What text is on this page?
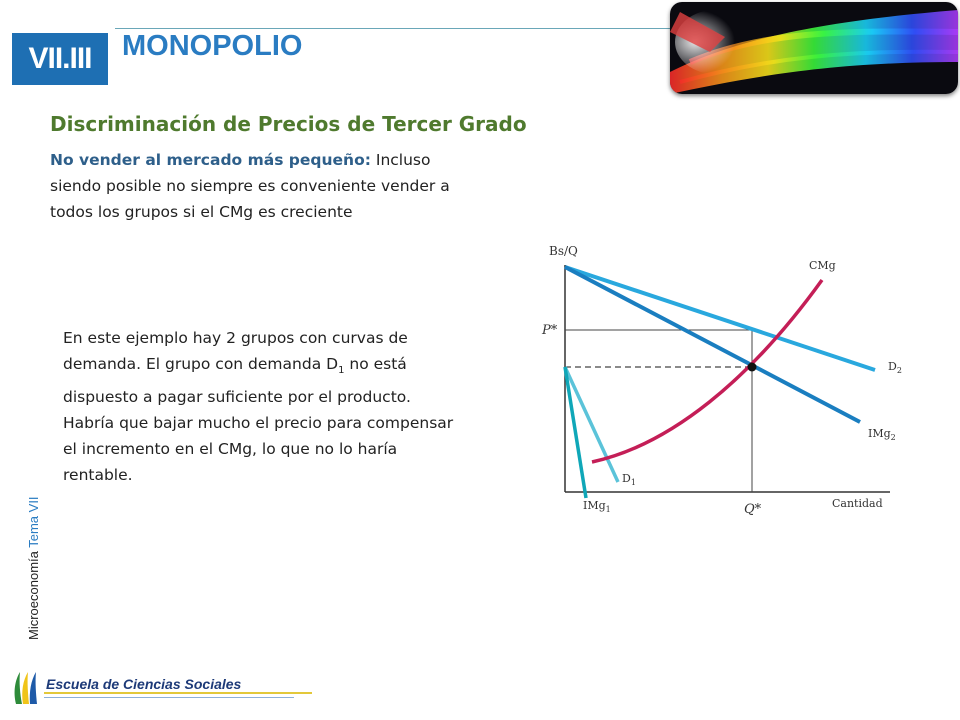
VII.III	MONOPOLIO
Discriminación de Precios de Tercer Grado
No vender al mercado más pequeño: Incluso siendo posible no siempre es conveniente vender a todos los grupos si el CMg es creciente
En este ejemplo hay 2 grupos con curvas de demanda. El grupo con demanda $D_1$ no está dispuesto a pagar suficiente por el producto. Habría que bajar mucho el precio para compensar el incremento en el CMg, lo que no lo haría rentable.
Microeconomía Tema VII
Bs/Q
Cantidad
P*
Q*
CMg
$D_2$
IMg$_2$
$D_1$
IMg$_1$
Escuela de Ciencias Sociales
